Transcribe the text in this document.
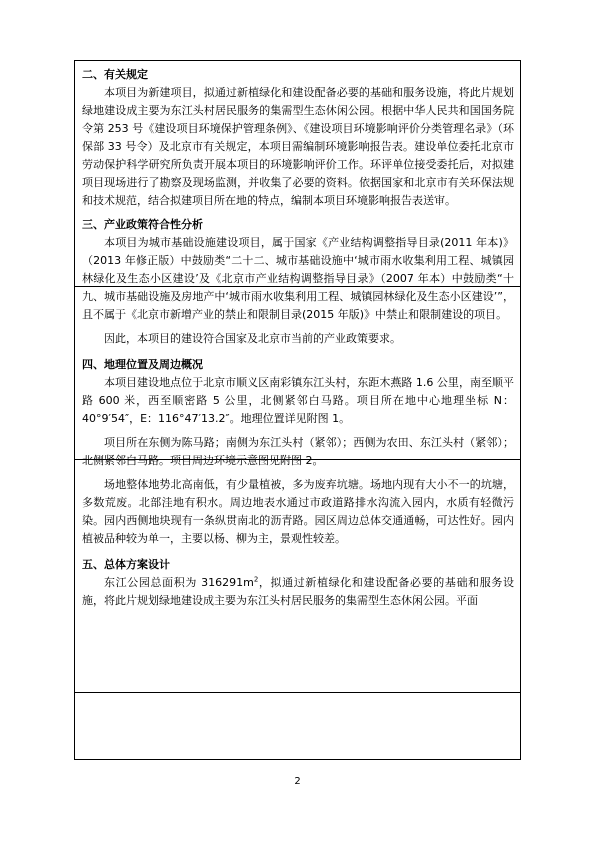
二、有关规定

本项目为新建项目，拟通过新植绿化和建设配备必要的基础和服务设施，将此片规划绿地建设成主要为东江头村居民服务的集需型生态休闲公园。根据中华人民共和国国务院令第 253 号《建设项目环境保护管理条例》、《建设项目环境影响评价分类管理名录》（环保部 33 号令）及北京市有关规定，本项目需编制环境影响报告表。建设单位委托北京市劳动保护科学研究所负责开展本项目的环境影响评价工作。环评单位接受委托后，对拟建项目现场进行了勘察及现场监测，并收集了必要的资料。依据国家和北京市有关环保法规和技术规范，结合拟建项目所在地的特点，编制本项目环境影响报告表送审。

三、产业政策符合性分析

本项目为城市基础设施建设项目，属于国家《产业结构调整指导目录(2011 年本)》（2013 年修正版）中鼓励类“二十二、城市基础设施中‘城市雨水收集利用工程、城镇园林绿化及生态小区建设’及《北京市产业结构调整指导目录》（2007 年本）中鼓励类“十九、城市基础设施及房地产中‘城市雨水收集利用工程、城镇园林绿化及生态小区建设’”，且不属于《北京市新增产业的禁止和限制目录(2015 年版)》中禁止和限制建设的项目。

因此，本项目的建设符合国家及北京市当前的产业政策要求。

四、地理位置及周边概况

本项目建设地点位于北京市顺义区南彩镇东江头村，东距木燕路 1.6 公里，南至顺平路 600 米，西至顺密路 5 公里，北侧紧邻白马路。项目所在地中心地理坐标 N：40°9′54″，E：116°47′13.2″。地理位置详见附图 1。

项目所在东侧为陈马路；南侧为东江头村（紧邻）；西侧为农田、东江头村（紧邻）；北侧紧邻白马路。项目周边环境示意图见附图 2。

场地整体地势北高南低，有少量植被，多为废弃坑塘。场地内现有大小不一的坑塘，多数荒废。北部洼地有积水。周边地表水通过市政道路排水沟流入园内，水质有轻微污染。园内西侧地块现有一条纵贯南北的沥青路。园区周边总体交通通畅，可达性好。园内植被品种较为单一，主要以杨、柳为主，景观性较差。

五、总体方案设计

东江公园总面积为 $316291m^2$，拟通过新植绿化和建设配备必要的基础和服务设施，将此片规划绿地建设成主要为东江头村居民服务的集需型生态休闲公园。平面

2
